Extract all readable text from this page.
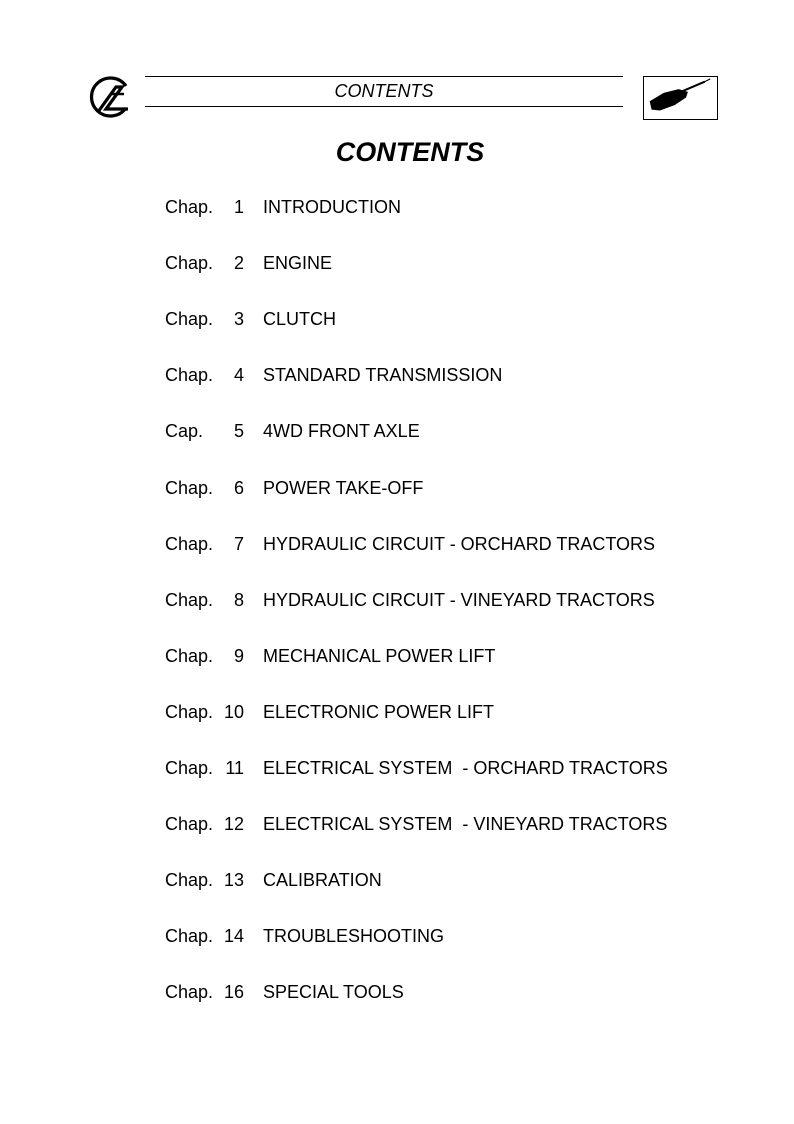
CONTENTS
CONTENTS
Chap.	1 INTRODUCTION
Chap.	2 ENGINE
Chap.	3 CLUTCH
Chap.	4 STANDARD TRANSMISSION
Cap.	5 4WD FRONT AXLE
Chap.	6 POWER TAKE-OFF
Chap.	7 HYDRAULIC CIRCUIT - ORCHARD TRACTORS
Chap.	8 HYDRAULIC CIRCUIT - VINEYARD TRACTORS
Chap.	9 MECHANICAL POWER LIFT
Chap. 10 ELECTRONIC POWER LIFT
Chap. 11 ELECTRICAL SYSTEM  - ORCHARD TRACTORS
Chap. 12 ELECTRICAL SYSTEM  - VINEYARD TRACTORS
Chap. 13 CALIBRATION
Chap. 14 TROUBLESHOOTING
Chap. 16 SPECIAL TOOLS
